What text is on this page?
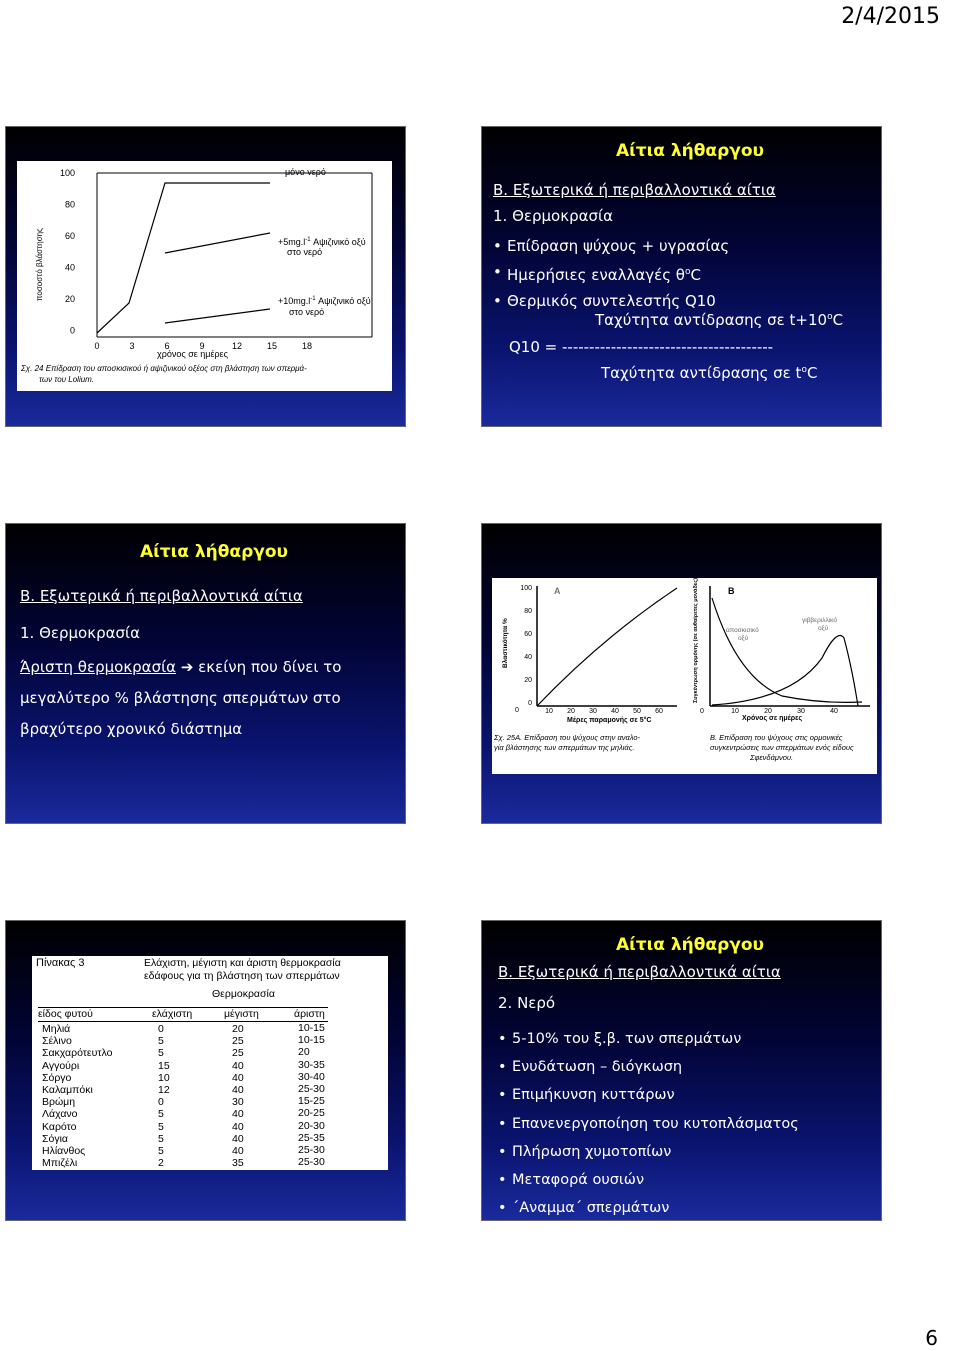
2/4/2015
ποσοστό βλάστησης
100
80
60
40
20
0
0	3	6	9	12	15	18
χρόνος σε ημέρες
μόνο νερό
$+5mg.l^{-1}$ Αψιζινικό οξύ
στο νερό
$+10mg.l^{-1}$ Αψιζινικό οξύ
στο νερό
Σχ. 24 Επίδραση του αποσκισικού ή αψιζινικού οξέος στη βλάστηση των σπερμά-
των του Lolium.
Αίτια λήθαργου
Β. Εξωτερικά ή περιβαλλοντικά αίτια
1. Θερμοκρασία
• Επίδραση ψύχους + υγρασίας
• Ημερήσιες εναλλαγές $\theta^oC$
• Θερμικός συντελεστής Q10
Ταχύτητα αντίδρασης σε $t+10^oC$
Q10 = ---------------------------------------
Ταχύτητα αντίδρασης σε $t^oC$
Αίτια λήθαργου
Β. Εξωτερικά ή περιβαλλοντικά αίτια
1. Θερμοκρασία
Άριστη θερμοκρασία ➔ εκείνη που δίνει το
μεγαλύτερο % βλάστησης σπερμάτων στο
βραχύτερο χρονικό διάστημα
Α
Βλαστικότητα %
100
80
60
40
20
0
0	10 20 30 40 50 60
Μέρες παραμονής σε 5°C
Β
Συγκέντρωση ορμόνης (σε αυθαίρετες μονάδες)
0	10	20	30	40
Χρόνος σε ημέρες
αποσκισικό
οξύ
γιββεριλλικό
οξύ
Σχ. 25Α. Επίδραση του ψύχους στην αναλο-
γία βλάστησης των σπερμάτων της μηλιάς.
Β. Επίδραση του ψύχους στις ορμονικές
συγκεντρώσεις των σπερμάτων ενός είδους
Σφενδάμνου.
Πίνακας 3	Ελάχιστη, μέγιστη και άριστη θερμοκρασία
εδάφους για τη βλάστηση των σπερμάτων
Θερμοκρασία
είδος φυτού	ελάχιστη	μέγιστη	άριστη
Μηλιά	0	20	10-15
Σέλινο	5	25	10-15
Σακχαρότευτλο	5	25	20
Αγγούρι	15	40	30-35
Σόργο	10	40	30-40
Καλαμπόκι	12	40	25-30
Βρώμη	0	30	15-25
Λάχανο	5	40	20-25
Καρότο	5	40	20-30
Σόγια	5	40	25-35
Ηλίανθος	5	40	25-30
Μπιζέλι	2	35	25-30
Αίτια λήθαργου
Β. Εξωτερικά ή περιβαλλοντικά αίτια
2. Νερό
• 5-10% του ξ.β. των σπερμάτων
• Ενυδάτωση – διόγκωση
• Επιμήκυνση κυττάρων
• Επανενεργοποίηση του κυτοπλάσματος
• Πλήρωση χυμοτοπίων
• Μεταφορά ουσιών
• ΄Αναμμα΄ σπερμάτων
6
